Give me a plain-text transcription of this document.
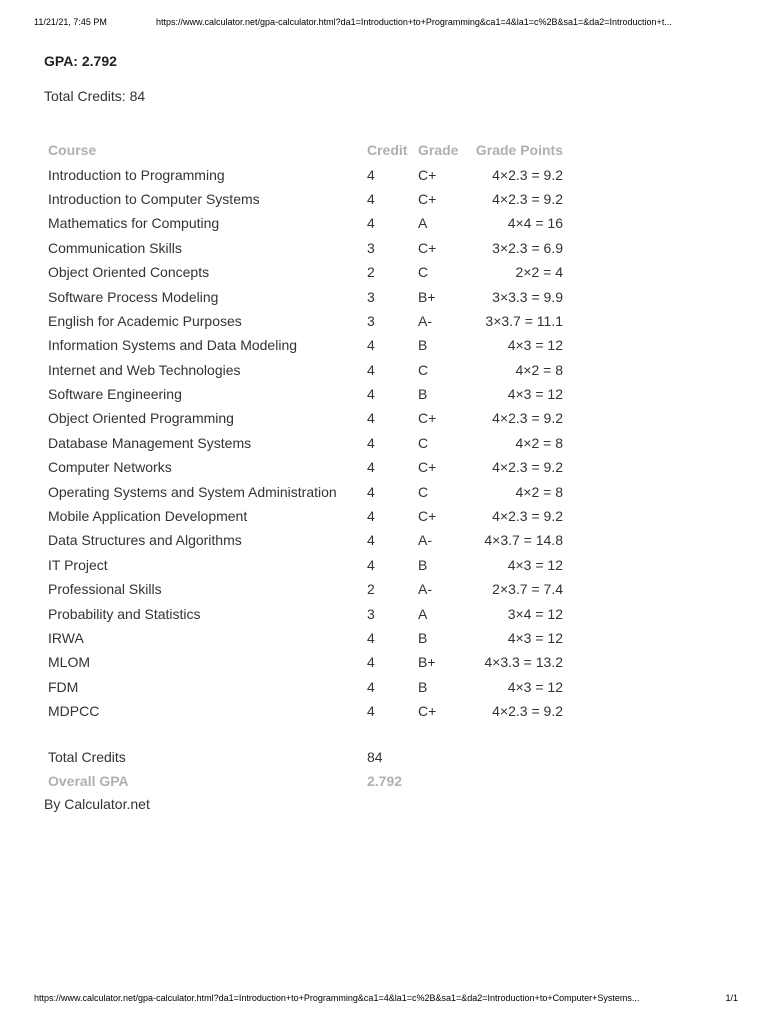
11/21/21, 7:45 PM	https://www.calculator.net/gpa-calculator.html?da1=Introduction+to+Programming&ca1=4&la1=c%2B&sa1=&da2=Introduction+t...
GPA: 2.792
Total Credits: 84
Course	Credit	Grade	Grade Points
Introduction to Programming	4	C+	4×2.3 = 9.2
Introduction to Computer Systems	4	C+	4×2.3 = 9.2
Mathematics for Computing	4	A	4×4 = 16
Communication Skills	3	C+	3×2.3 = 6.9
Object Oriented Concepts	2	C	2×2 = 4
Software Process Modeling	3	B+	3×3.3 = 9.9
English for Academic Purposes	3	A-	3×3.7 = 11.1
Information Systems and Data Modeling	4	B	4×3 = 12
Internet and Web Technologies	4	C	4×2 = 8
Software Engineering	4	B	4×3 = 12
Object Oriented Programming	4	C+	4×2.3 = 9.2
Database Management Systems	4	C	4×2 = 8
Computer Networks	4	C+	4×2.3 = 9.2
Operating Systems and System Administration	4	C	4×2 = 8
Mobile Application Development	4	C+	4×2.3 = 9.2
Data Structures and Algorithms	4	A-	4×3.7 = 14.8
IT Project	4	B	4×3 = 12
Professional Skills	2	A-	2×3.7 = 7.4
Probability and Statistics	3	A	3×4 = 12
IRWA	4	B	4×3 = 12
MLOM	4	B+	4×3.3 = 13.2
FDM	4	B	4×3 = 12
MDPCC	4	C+	4×2.3 = 9.2
Total Credits	84
Overall GPA	2.792
By Calculator.net
https://www.calculator.net/gpa-calculator.html?da1=Introduction+to+Programming&ca1=4&la1=c%2B&sa1=&da2=Introduction+to+Computer+Systems...	1/1
